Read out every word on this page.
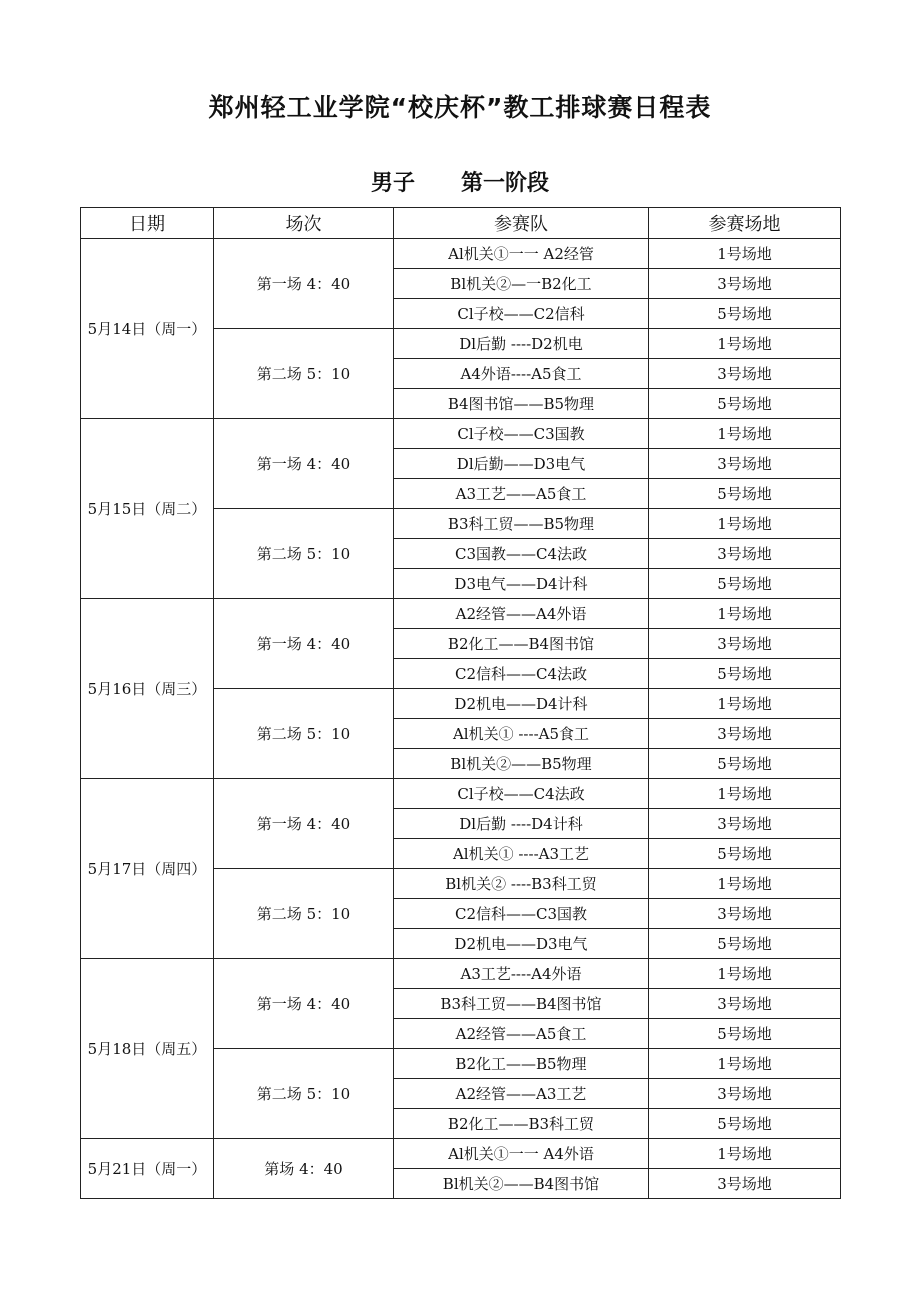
郑州轻工业学院“校庆杯”教工排球赛日程表
男子 第一阶段
日期	场次	参赛队	参赛场地
5月14日（周一）	第一场 4：40	Al机关①一一 A2经管	1号场地
		Bl机关②—一B2化工	3号场地
		Cl子校——C2信科	5号场地
	第二场 5：10	Dl后勤 ----D2机电	1号场地
		A4外语----A5食工	3号场地
		B4图书馆——B5物理	5号场地
5月15日（周二）	第一场 4：40	Cl子校——C3国教	1号场地
		Dl后勤——D3电气	3号场地
		A3工艺——A5食工	5号场地
	第二场 5：10	B3科工贸——B5物理	1号场地
		C3国教——C4法政	3号场地
		D3电气——D4计科	5号场地
5月16日（周三）	第一场 4：40	A2经管——A4外语	1号场地
		B2化工——B4图书馆	3号场地
		C2信科——C4法政	5号场地
	第二场 5：10	D2机电——D4计科	1号场地
		Al机关① ----A5食工	3号场地
		Bl机关②——B5物理	5号场地
5月17日（周四）	第一场 4：40	Cl子校——C4法政	1号场地
		Dl后勤 ----D4计科	3号场地
		Al机关① ----A3工艺	5号场地
	第二场 5：10	Bl机关② ----B3科工贸	1号场地
		C2信科——C3国教	3号场地
		D2机电——D3电气	5号场地
5月18日（周五）	第一场 4：40	A3工艺----A4外语	1号场地
		B3科工贸——B4图书馆	3号场地
		A2经管——A5食工	5号场地
	第二场 5：10	B2化工——B5物理	1号场地
		A2经管——A3工艺	3号场地
		B2化工——B3科工贸	5号场地
5月21日（周一）	第场 4：40	Al机关①一一 A4外语	1号场地
		Bl机关②——B4图书馆	3号场地
